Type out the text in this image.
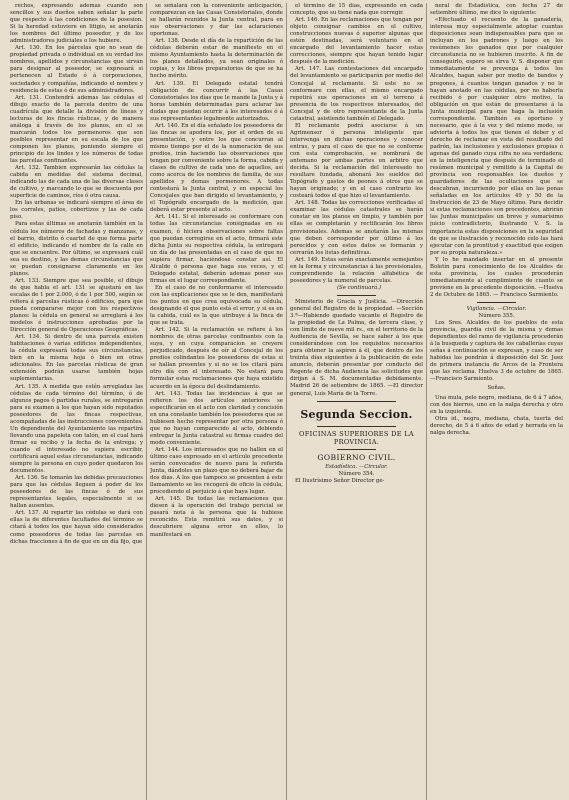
rechos, expresando ademas cuando son sencillos y sus dueños saben señalar la parte que respecto á las condiciones de la posesion. Si la heredad estuviere en litigio, se anotarán los nombres del último poseedor, y de los administradores judiciales o los hubiere.

Art. 130. En los párcelas que no sean de propiedad privada o individual en su verdad los nombres, apellidos y circunstancias que sirvan para designar al poseedor, se expresará si pertenecen al Estado ó á corporaciones, sociedades y compañías, indicando el nombre y residencia de estas ó de sus administradores.

Art. 131. Contendrá ademas las cédulas el dibujo exacto de la parcela dentro de una cuadrícula que detalle la división de líneas y lecturas de los fincas rústicas, y de manera análoga á través de los planos, en el se marcarán todos los pormenores que son posibles representar en su escala de los que componen los planos, poniendo siempre el principio de los lindes y los números de todas las parcelas confinantes.

Art. 132. Tambien expresarán las cédulas la cabida en medidas del sistema decimal, indicando las de cada una de las diversas clases de cultivo, y marcando lo que se descuenta por superficie de caminos, ríos ó otra causa.

En las urbanas se indicará siempre el área de los corrales, patios, cobertizos y las de cada piso.

Para estas últimas se anotarán también en la cédula los números de fachadas y manzanas, y el barrio, distrito ó cuartel de que forma parte el edificio, indicando el nombre de la calle en que se encuentre. Por último, se expresará cuál sea su destino, y las demas circunstancias que se puedan consignarse claramente en los planos.

Art. 133. Siempre que sea posible, el dibujo de que habla el art. 131 se ajustará en las escalas de 1 por 2.000, ó de 1 por 500, según se refiera á parcelas rústicas ó edificios, para que pueda compararse mejor con los respectivos planos: la cédula en general se arreglará á los modelos é instrucciones aprobadas por la Dirección general de Operaciones Geográficas.

Art. 134. Si dentro de una parcela existen habitaciones ó varias edificios independientes, la cédula expresará todas sus circunstancias, bien en la misma hoja ó bien en otras adicionales. En las parcelas rústicas de gran extensión podrán usarse también hojas suplementarias.

Art. 135. A medida que estén arregladas las cédulas de cada término del término, ó de algunos pagos ó partidas rurales, se entregarán para su examen á los que hayan sido reputados poseedores de las fincas respectivas, acompañadas de las instrucciones convenientes. Un dependiente del Ayuntamiento las repartirá llevando una papeleta con talón, en el cual hará firmar su recibo y la fecha de la entrega; y cuando el interesado no supiera escribir, certificará aquel estas circunstancias, indicando siempre la persona en cuyo poder quedaron los documentos.

Art. 136. Se tomarán las debidas precauciones para que las cédulas lleguen á poder de los poseedores de las fincas ó de sus representantes legales, especialmente si se hallan ausentes.

Art. 137. Al repartir las cédulas se dará con ellas la de diferentes facultades del término se citará á todos los que hayan sido considerados como poseedores de todas las parcelas en dichas fracciones á fin de que en un día fijo, que

se señalará con la conveniente anticipación, comparezcan en las Casas Consistoriales, donde se hallarán reunidos la Junta central, para en sus observaciones y dar las aclaraciones oportunas.

Art. 138. Desde el día de la repartición de las cédulas deberán estar de manifiesto en el mismo Ayuntamiento hasta la determinación de los planos detallados, ya sean originales ó copias, y los libros preparatorios de que se ha hecho mérito.

Art. 139. El Delegado estatal tendrá obligación de concurrir á las Casas Consistoriales los días que le mande la Junta y á horas también determinadas para aclarar las dudas que puedan ocurrir á los interesados ó á sus representantes legalmente autorizados.

Art. 140. En el día señalado los poseedores de las fincas se apodera los, por el orden de su presentación, y entre los que concurran al mismo tiempo por el de la numeración de sus predios, irán haciendo las observaciones que tengan por conveniente sobre la forma, cabida y clases de cultivo de cada uno de aquellos, así como acerca de los nombres de familia, de sus apellidos y demas pormenores. A todas contestará la Junta central, y en especial los Concejales que han dirigido el levantamiento, y el Topógrafo encargado de la medición, que deberá estar presente al acto.

Art. 141. Si el interesado se conformare con todas las circunstancias consignadas en su examen, ó hiciera observaciones sobre faltas que puedan corregirse en el acto, firmará este dicha Junta su respectiva cédula, la entregará un día de las presentadas en el caso de que no supiera firmar, haciéndose constar así. El Alcalde ó persona que haga sus veces, y el Delegado estatal, deberán ademas poner sus firmas en el lugar correspondiente.

En el caso de no conformarse el interesado con las explicaciones que se le den, manifestará los puntos en que crea equivocada su cédula, designando el que punto está el error, y si es en la cabida, cuál es la que atribuye á la finca de que se trata.

Art. 142. Si la reclamación se refiere á los nombres de otras parcelas confinantes con la suya, y en cuya comparacion se creyere perjudicado, después de oír al Concejal de los predios colindantes los poseedores de estas si se hallan presentes y si no se los citará para otro día con el interesado. No estará para formular estas reclamaciones que haya existido acuerdo en la época del deslindamiento.

Art. 143. Todas las incidencias á que se refieren los dos artículos anteriores se especificarán en el acto con claridad y concisión en una constante también los poseedores que se hubiesen hecho representar por otra persona ó que no hayan comparecido al acto, debiendo entregar la Junta catastral su firmas cuadro del modo conveniente.

Art. 144. Los interesados que no hallen en el último caso expresado en el artículo precedente serán convocados de nuevo para la referida Junta, dándoles un plazo que no deberá bajar de dos días. A los que tampoco se presenten á este llamamiento se les recogerá de oficio la cédula, procediendo el perjuicio á que haya lugar.

Art. 145. De todas las reclamaciones que diesen á la operación del trabajo pericial se pasará nota á la persona que la hubiese reconcido. Esta remitirá sus datos, y si descubriere alguna error en ellos, lo manifestará en

el término de 15 días, expresando en cada concepto, que su tiene nada que corregir.

Art. 146. En las reclamaciones que tengan por objeto consignar cambios en el cultivo, construcciones nuevas ó superior algunas que estén destinadas, será voluntario en el encargado del levantamiento hacer estas correcciones, siempre que hayan tenido lugar después de la medición.

Art. 147. Las contestaciones del encargado del levantamiento se participarán por medio del Concejal al reclamante. Si este no se conformare con ellas, el mismo encargado repetirá sus operaciones en el terreno á presencia de los respectivos interesados, del Concejal y de otro representante de la Junta catastral, asistiendo también el Delegado.

El reclamante podrá asociarse á un Agrimensor ó persona inteligente que intervenga en dichas operaciones y conocer entras, y para el caso de que no se conforme con esta comprobación, se nombrará de antemano por ambas partes un arbitro que decida. Si la reclamación del interesado no resultare fundada, abonará los sueldos del Topógrafo y gastos de peones á otros que se hayan originado; y en el caso contrario los costeará todos el que hizo el levantamiento.

Art. 148. Todas las correcciones verificadas al examinar las cédulas catastrales se harán constar en los planos en limpio, y también por ellas se completarán y rectificarán los libros provisionales. Ademas se anotarán las mismas que deben corresponder por último á los perecidos y con estos datos se formarán y cerrarán los listas definitivas.

Art. 149. Estas serán exactamente semejantes en la forma y circunstancias á las provisionales, comprendiendo la relación alfabética de poseedores y la numeral de parcelas.

(Se continuará.)

Ministerio de Gracia y Justicia. —Dirección general del Registro de la propiedad. —Sección 3.ª—Habiendo quedado vacante el Registro de la propiedad de La Palma, de tercera clase, y con límite de nueve mil rs., en el territorio de la Audiencia de Sevilla, se hace saber á los que considerándose con los requisitos necesarios para obtener la aspiren á él, que dentro de los treinta días siguientes á la publicación de este anuncio, deberán presentar por conducto del Regente de dicha Audiencia las solicitudes que dirijan á S. M. documentadas debidamente. Madrid 26 de setiembre de 1865. —El director general, Luis María de la Torre.

Segunda Seccion.

OFICINAS SUPERIORES DE LA PROVINCIA.

GOBIERNO CIVIL.

Estadística. —Circular.

Número 354.

El Ilustrísimo Señor Director ge-

neral de Estadística, con fecha 27 de setiembre último, me dice lo siguiente:

«Efectuado el recuento de la ganadería, interesa muy especialmente adoptar cuantas disposiciones sean indispensables para que se incluyan en los padrones y luego en los resúmenes los ganados que por cualquier circunstancia no se hubieren inscrito. A fin de conseguirlo, espero se sirva V. S. disponer que inmediatamente se prevenga á todos los Alcaldes, hagan saber por medio de bandos y pregones, á cuantos tengan ganados y no le hayan anotado en las cédulas, por no haberla recibido ó por cualquier otro motivo, la obligación en que están de presentarse á la Junta municipal para que haga la inclusión correspondiente. También es oportuno y necesario, que á la vez y del mismo modo, se advierta á todos los que tienen el deber y el derecho de reclamar en vista del resultado del padrón, las inclusiones y exclusiones propias ó agenas del ganado cuya cifra no sea verdadera; en la inteligencia que después de terminado el resúmen municipal y remitido á la Capital de provincia son responsables los dueños y guardadores de las ocultaciones que se descubran, incurriendo por ellas en las penas señaladas en los artículos 49 y 50 de la Instrucción de 23 de Mayo último. Para decidir si estas reclamaciones son procedentes, abrirán las Juntas municipales un breve y sumarísimo juicio contradictorio, ilustrando V. S. la importancia estas disposiciones en la seguridad de que se ilustración y reconocido celo las hará ejecutar con la prontitud y exactitud que exigen por su propia naturaleza.»

Y lo he mandado insertar en el presente Boletín para conocimiento de los Alcaldes de esta provincia, los cuales procederán inmediatamente al cumplimiento de cuanto se previene en la precedente disposición. —Huelva 2 de Octubre de 1865. — Francisco Sarmiento.

Vigilancia. —Circular.

Número 355.

Los Sres. Alcaldes de los pueblos de esta provincia, guardia civil de la misma y demas dependientes del ramo de vigilancia procederán á la busqueda y captura de los caballerías cuyas señas á continuación se expresan, y caso de ser habidas las pondrán á disposición del Sr. Juez de primera instancia de Arcos de la Frontera que las reclama. Huelva 3 de octubre de 1865. —Francisco Sarmiento.

Señas.

Una mula, pelo negro, mediana, de 6 á 7 años, con dos hierros, uno en la nalga derecha y otro en la izquierda.

Otra id., negra, mediana, chata, tuerta del derecho, de 5 á 6 años de edad y herrada en la nalga derecha.
